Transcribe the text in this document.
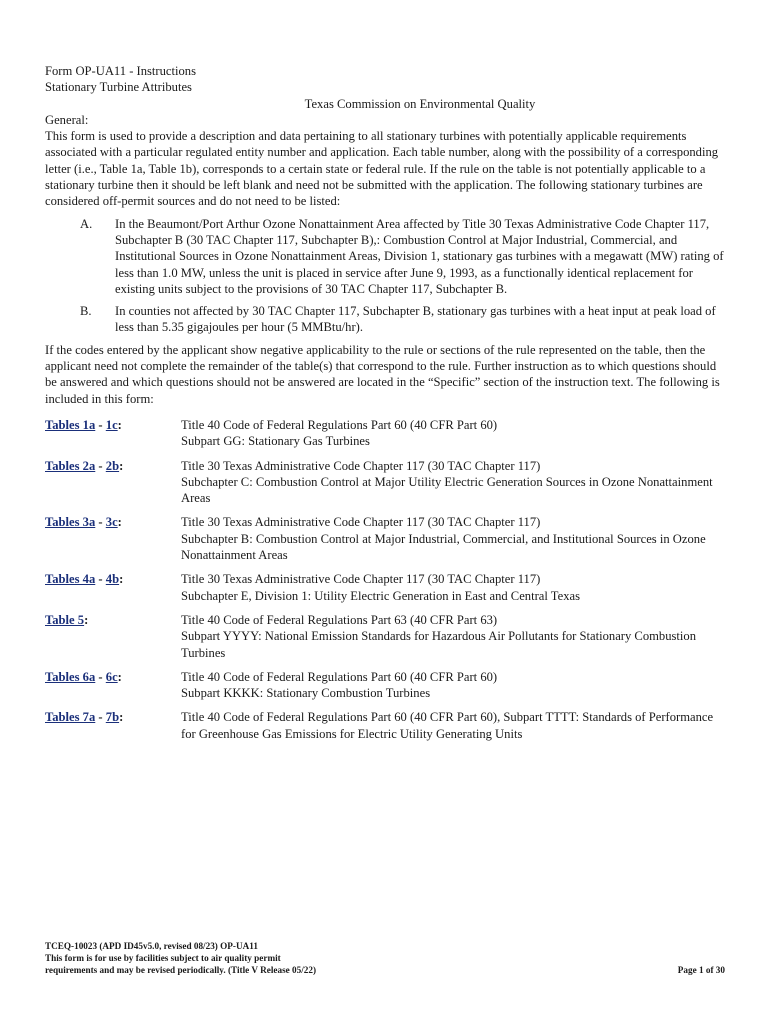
Form OP-UA11 - Instructions
Stationary Turbine Attributes
Texas Commission on Environmental Quality

General:

This form is used to provide a description and data pertaining to all stationary turbines with potentially applicable requirements associated with a particular regulated entity number and application. Each table number, along with the possibility of a corresponding letter (i.e., Table 1a, Table 1b), corresponds to a certain state or federal rule. If the rule on the table is not potentially applicable to a stationary turbine then it should be left blank and need not be submitted with the application. The following stationary turbines are considered off-permit sources and do not need to be listed:

A.	In the Beaumont/Port Arthur Ozone Nonattainment Area affected by Title 30 Texas Administrative Code Chapter 117, Subchapter B (30 TAC Chapter 117, Subchapter B),: Combustion Control at Major Industrial, Commercial, and Institutional Sources in Ozone Nonattainment Areas, Division 1, stationary gas turbines with a megawatt (MW) rating of less than 1.0 MW, unless the unit is placed in service after June 9, 1993, as a functionally identical replacement for existing units subject to the provisions of 30 TAC Chapter 117, Subchapter B.
B.	In counties not affected by 30 TAC Chapter 117, Subchapter B, stationary gas turbines with a heat input at peak load of less than 5.35 gigajoules per hour (5 MMBtu/hr).

If the codes entered by the applicant show negative applicability to the rule or sections of the rule represented on the table, then the applicant need not complete the remainder of the table(s) that correspond to the rule. Further instruction as to which questions should be answered and which questions should not be answered are located in the “Specific” section of the instruction text. The following is included in this form:

Tables 1a - 1c:	Title 40 Code of Federal Regulations Part 60 (40 CFR Part 60)
Subpart GG: Stationary Gas Turbines
Tables 2a - 2b:	Title 30 Texas Administrative Code Chapter 117 (30 TAC Chapter 117)
Subchapter C: Combustion Control at Major Utility Electric Generation Sources in Ozone Nonattainment Areas
Tables 3a - 3c:	Title 30 Texas Administrative Code Chapter 117 (30 TAC Chapter 117)
Subchapter B: Combustion Control at Major Industrial, Commercial, and Institutional Sources in Ozone Nonattainment Areas
Tables 4a - 4b:	Title 30 Texas Administrative Code Chapter 117 (30 TAC Chapter 117)
Subchapter E, Division 1: Utility Electric Generation in East and Central Texas
Table 5:	Title 40 Code of Federal Regulations Part 63 (40 CFR Part 63)
Subpart YYYY: National Emission Standards for Hazardous Air Pollutants for Stationary Combustion Turbines
Tables 6a - 6c:	Title 40 Code of Federal Regulations Part 60 (40 CFR Part 60)
Subpart KKKK: Stationary Combustion Turbines
Tables 7a - 7b:	Title 40 Code of Federal Regulations Part 60 (40 CFR Part 60), Subpart TTTT: Standards of Performance for Greenhouse Gas Emissions for Electric Utility Generating Units
TCEQ-10023 (APD ID45v5.0, revised 08/23) OP-UA11
This form is for use by facilities subject to air quality permit
requirements and may be revised periodically. (Title V Release 05/22)	Page 1 of 30
